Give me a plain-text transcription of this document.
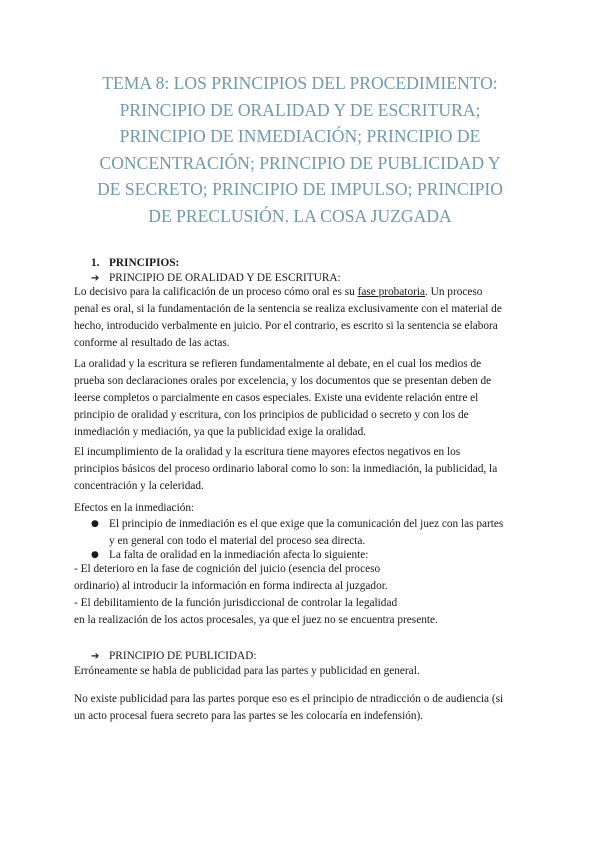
TEMA 8: LOS PRINCIPIOS DEL PROCEDIMIENTO:
PRINCIPIO DE ORALIDAD Y DE ESCRITURA;
PRINCIPIO DE INMEDIACIÓN; PRINCIPIO DE
CONCENTRACIÓN; PRINCIPIO DE PUBLICIDAD Y
DE SECRETO; PRINCIPIO DE IMPULSO; PRINCIPIO
DE PRECLUSIÓN. LA COSA JUZGADA
1. PRINCIPIOS:
➔ PRINCIPIO DE ORALIDAD Y DE ESCRITURA:
Lo decisivo para la calificación de un proceso cómo oral es su fase probatoria. Un proceso
penal es oral, si la fundamentación de la sentencia se realiza exclusivamente con el material de
hecho, introducido verbalmente en juicio. Por el contrario, es escrito si la sentencia se elabora
conforme al resultado de las actas.
La oralidad y la escritura se refieren fundamentalmente al debate, en el cual los medios de
prueba son declaraciones orales por excelencia, y los documentos que se presentan deben de
leerse completos o parcialmente en casos especiales. Existe una evidente relación entre el
principio de oralidad y escritura, con los principios de publicidad o secreto y con los de
inmediación y mediación, ya que la publicidad exige la oralidad.
El incumplimiento de la oralidad y la escritura tiene mayores efectos negativos en los
principios básicos del proceso ordinario laboral como lo son: la inmediación, la publicidad, la
concentración y la celeridad.
Efectos en la inmediación:
● El principio de inmediación es el que exige que la comunicación del juez con las partes
y en general con todo el material del proceso sea directa.
● La falta de oralidad en la inmediación afecta lo siguiente:
- El deterioro en la fase de cognición del juicio (esencia del proceso
ordinario) al introducir la información en forma indirecta al juzgador.
- El debilitamiento de la función jurisdiccional de controlar la legalidad
en la realización de los actos procesales, ya que el juez no se encuentra presente.
➔ PRINCIPIO DE PUBLICIDAD:
Erróneamente se habla de publicidad para las partes y publicidad en general.
No existe publicidad para las partes porque eso es el principio de ntradicción o de audiencia (si
un acto procesal fuera secreto para las partes se les colocaría en indefensión).
